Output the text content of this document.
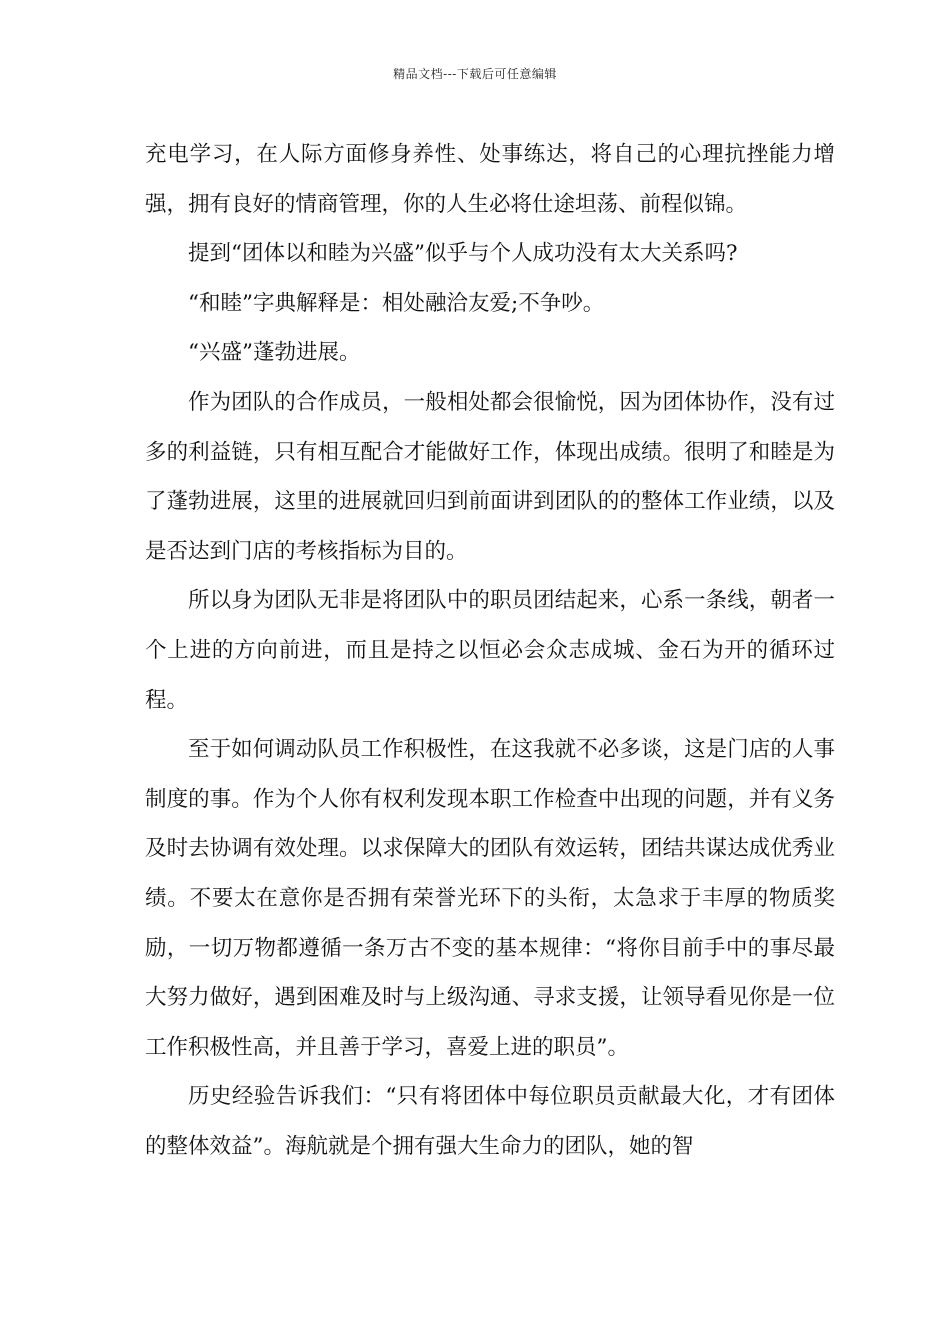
精品文档---下载后可任意编辑

充电学习，在人际方面修身养性、处事练达，将自己的心理抗挫能力增强，拥有良好的情商管理，你的人生必将仕途坦荡、前程似锦。

提到“团体以和睦为兴盛”似乎与个人成功没有太大关系吗?

“和睦”字典解释是：相处融洽友爱;不争吵。

“兴盛”蓬勃进展。

作为团队的合作成员，一般相处都会很愉悦，因为团体协作，没有过多的利益链，只有相互配合才能做好工作，体现出成绩。很明了和睦是为了蓬勃进展，这里的进展就回归到前面讲到团队的的整体工作业绩，以及是否达到门店的考核指标为目的。

所以身为团队无非是将团队中的职员团结起来，心系一条线，朝者一个上进的方向前进，而且是持之以恒必会众志成城、金石为开的循环过程。

至于如何调动队员工作积极性，在这我就不必多谈，这是门店的人事制度的事。作为个人你有权利发现本职工作检查中出现的问题，并有义务及时去协调有效处理。以求保障大的团队有效运转，团结共谋达成优秀业绩。不要太在意你是否拥有荣誉光环下的头衔，太急求于丰厚的物质奖励，一切万物都遵循一条万古不变的基本规律：“将你目前手中的事尽最大努力做好，遇到困难及时与上级沟通、寻求支援，让领导看见你是一位工作积极性高，并且善于学习，喜爱上进的职员”。

历史经验告诉我们：“只有将团体中每位职员贡献最大化，才有团体的整体效益”。海航就是个拥有强大生命力的团队，她的智
